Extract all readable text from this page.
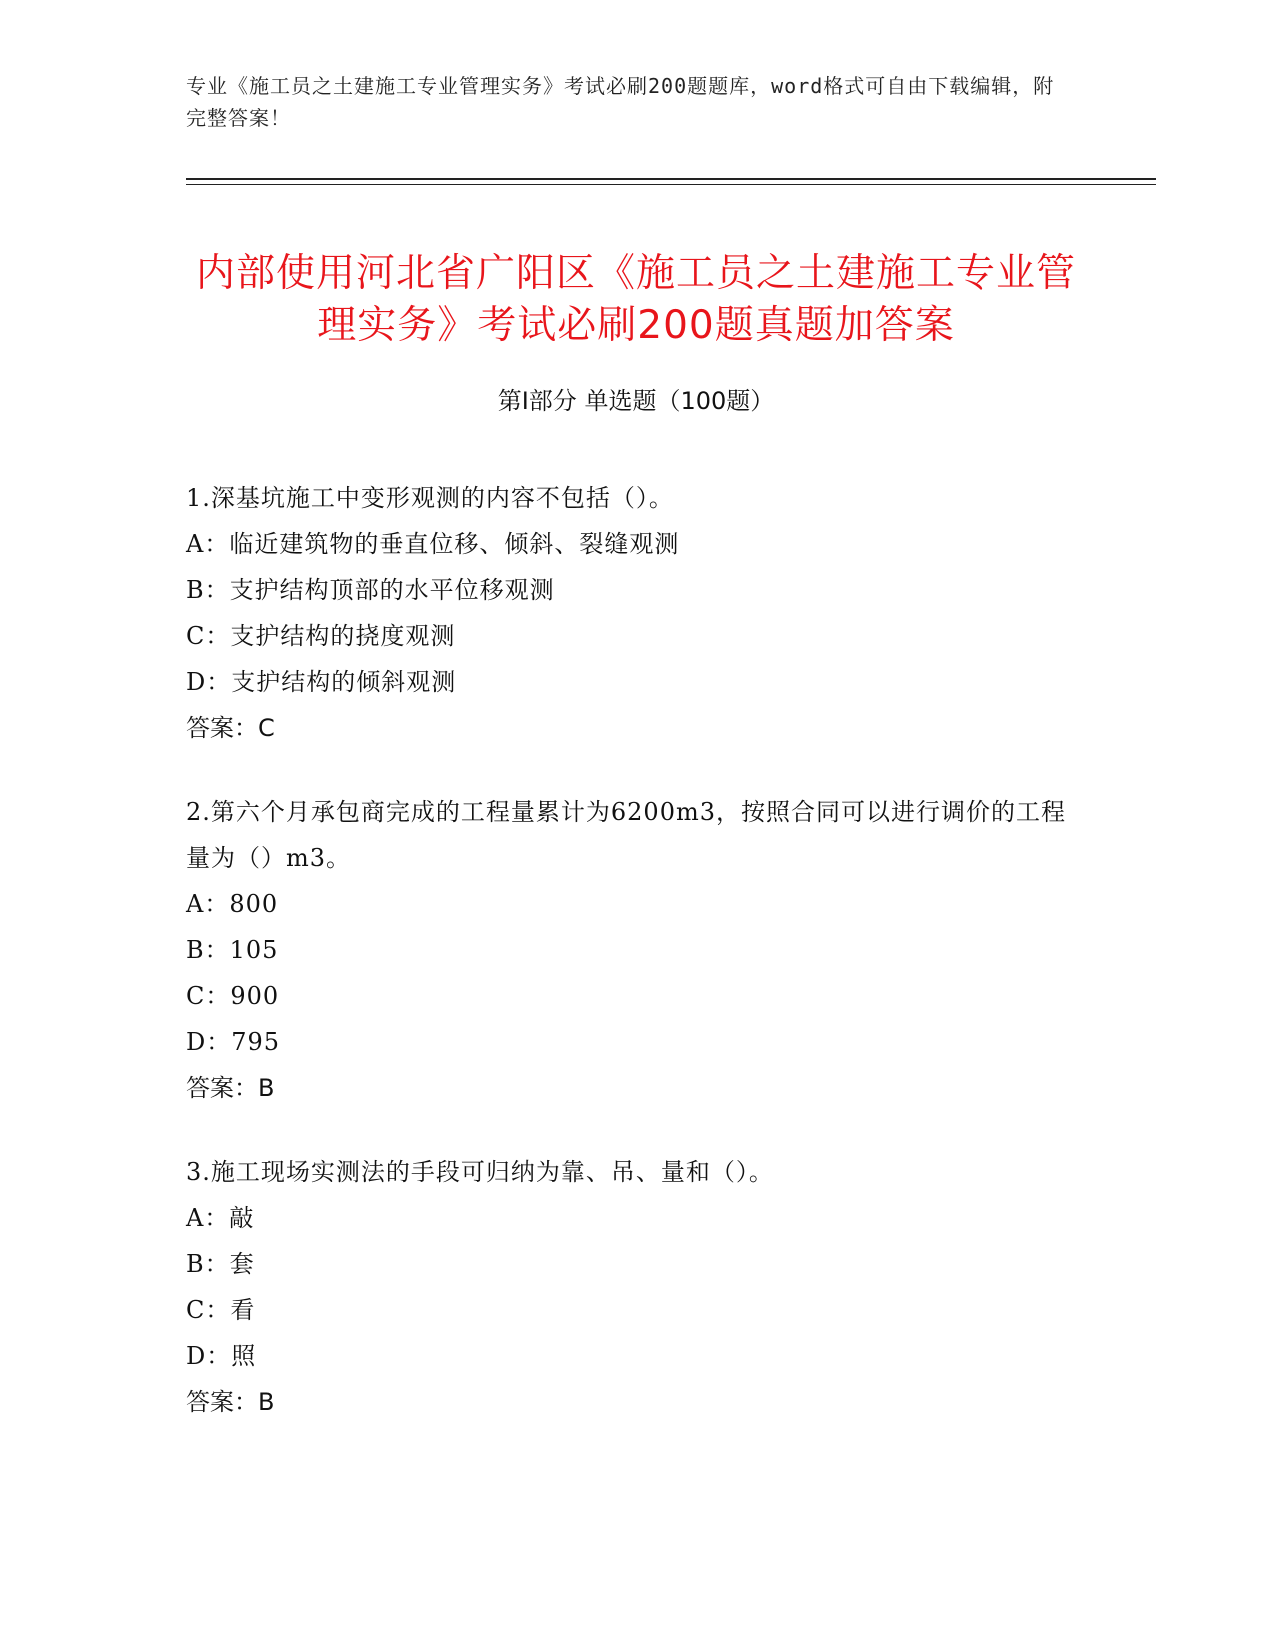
专业《施工员之土建施工专业管理实务》考试必刷200题题库，word格式可自由下载编辑，附完整答案！
内部使用河北省广阳区《施工员之土建施工专业管理实务》考试必刷200题真题加答案
第Ⅰ部分 单选题（100题）
1.深基坑施工中变形观测的内容不包括（）。
A：临近建筑物的垂直位移、倾斜、裂缝观测
B：支护结构顶部的水平位移观测
C：支护结构的挠度观测
D：支护结构的倾斜观测
答案：C
2.第六个月承包商完成的工程量累计为6200m3，按照合同可以进行调价的工程量为（）m3。
A：800
B：105
C：900
D：795
答案：B
3.施工现场实测法的手段可归纳为靠、吊、量和（）。
A：敲
B：套
C：看
D：照
答案：B
